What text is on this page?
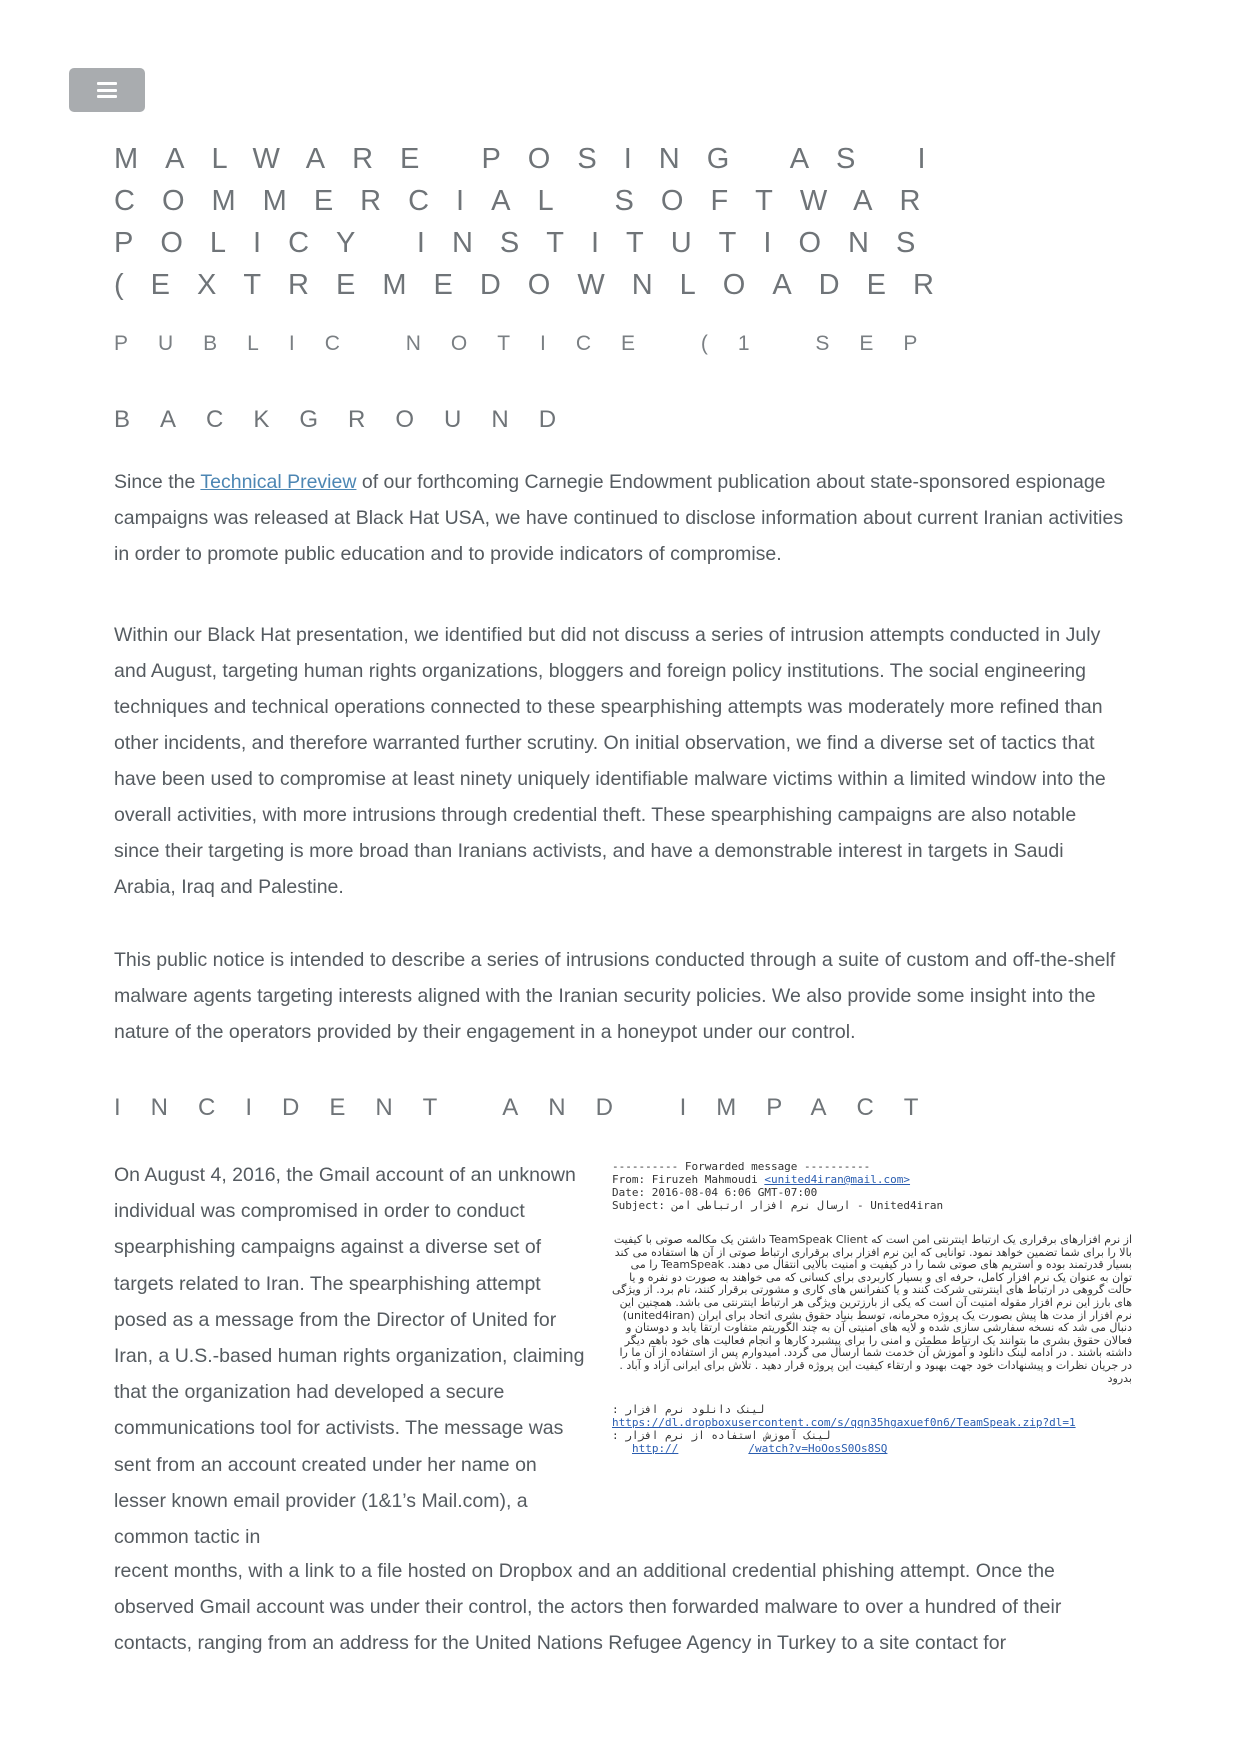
MALWARE POSING AS I
COMMERCIAL SOFTWAR
POLICY INSTITUTIONS
(EXTREMEDOWNLOADER
PUBLIC NOTICE (1 SEP
BACKGROUND

Since the Technical Preview of our forthcoming Carnegie Endowment publication about state-sponsored espionage campaigns was released at Black Hat USA, we have continued to disclose information about current Iranian activities in order to promote public education and to provide indicators of compromise.

Within our Black Hat presentation, we identified but did not discuss a series of intrusion attempts conducted in July and August, targeting human rights organizations, bloggers and foreign policy institutions. The social engineering techniques and technical operations connected to these spearphishing attempts was moderately more refined than other incidents, and therefore warranted further scrutiny. On initial observation, we find a diverse set of tactics that have been used to compromise at least ninety uniquely identifiable malware victims within a limited window into the overall activities, with more intrusions through credential theft. These spearphishing campaigns are also notable since their targeting is more broad than Iranians activists, and have a demonstrable interest in targets in Saudi Arabia, Iraq and Palestine.

This public notice is intended to describe a series of intrusions conducted through a suite of custom and off-the-shelf malware agents targeting interests aligned with the Iranian security policies. We also provide some insight into the nature of the operators provided by their engagement in a honeypot under our control.

INCIDENT AND IMPACT

On August 4, 2016, the Gmail account of an unknown individual was compromised in order to conduct spearphishing campaigns against a diverse set of targets related to Iran. The spearphishing attempt posed as a message from the Director of United for Iran, a U.S.-based human rights organization, claiming that the organization had developed a secure communications tool for activists. The message was sent from an account created under her name on lesser known email provider (1&1’s Mail.com), a common tactic in

---------- Forwarded message ----------
From: Firuzeh Mahmoudi <united4iran@mail.com>
Date: 2016-08-04 6:06 GMT-07:00
Subject: ارسال نرم افزار ارتباطی امن - United4iran
از نرم افزارهای برقراری یک ارتباط اینترنتی امن است که TeamSpeak Client داشتن یک مکالمه صوتی با کیفیت بالا را برای شما تضمین خواهد نمود. توانایی که این نرم افزار برای برقراری ارتباط صوتی از آن ها استفاده می کند بسیار قدرتمند بوده و استریم های صوتی شما را در کیفیت و امنیت بالایی انتقال می دهند. TeamSpeak را می توان به عنوان یک نرم افزار کامل، حرفه ای و بسیار کاربردی برای کسانی که می خواهند به صورت دو نفره و یا حالت گروهی در ارتباط های اینترنتی شرکت کنند و یا کنفرانس های کاری و مشورتی برقرار کنند، نام برد. از ویژگی های بارز این نرم افزار مقوله امنیت آن است که یکی از بارزترین ویژگی هر ارتباط اینترنتی می باشد. همچنین این نرم افزار از مدت ها پیش بصورت یک پروژه محرمانه، توسط بنیاد حقوق بشری اتحاد برای ایران (united4iran) دنبال می شد که نسخه سفارشی سازی شده و لایه های امنیتی آن به چند الگوریتم متفاوت ارتقا یابد و دوستان و فعالان حقوق بشری ما بتوانند یک ارتباط مطمئن و امنی را برای پیشبرد کارها و انجام فعالیت های خود باهم دیگر داشته باشند . در ادامه لینک دانلود و آموزش آن خدمت شما ارسال می گردد. امیدوارم پس از استفاده از آن ما را در جریان نظرات و پیشنهادات خود جهت بهبود و ارتقاء کیفیت این پروژه قرار دهید . تلاش برای ایرانی آزاد و آباد . بدرود
لینک دانلود نرم افزار :
https://dl.dropboxusercontent.com/s/qqn35hgaxuef0n6/TeamSpeak.zip?dl=1
لینک آموزش استفاده از نرم افزار :
http://	/watch?v=HoOosS0Os8SQ

recent months, with a link to a file hosted on Dropbox and an additional credential phishing attempt. Once the observed Gmail account was under their control, the actors then forwarded malware to over a hundred of their contacts, ranging from an address for the United Nations Refugee Agency in Turkey to a site contact for
